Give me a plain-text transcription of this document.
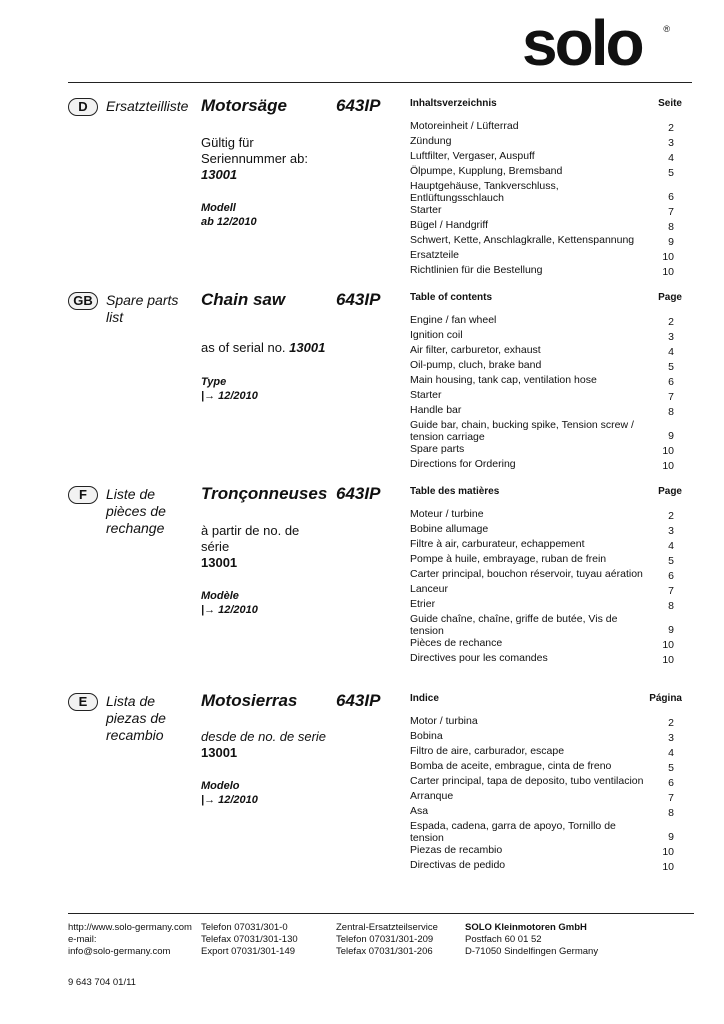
solo ®
D	Ersatzteilliste Motorsäge	643IP
Gültig für Seriennummer ab:
13001
Modell
ab 12/2010
Inhaltsverzeichnis	Seite
Motoreinheit / Lüfterrad	2
Zündung	3
Luftfilter, Vergaser, Auspuff	4
Ölpumpe, Kupplung, Bremsband	5
Hauptgehäuse, Tankverschluss, Entlüftungsschlauch	6
Starter	7
Bügel / Handgriff	8
Schwert, Kette, Anschlagkralle, Kettenspannung	9
Ersatzteile	10
Richtlinien für die Bestellung	10
GB Spare parts list
Chain saw	643IP
as of serial no. 13001
Type
|→ 12/2010
Table of contents	Page
Engine / fan wheel	2
Ignition coil	3
Air filter, carburetor, exhaust	4
Oil-pump, cluch, brake band	5
Main housing, tank cap, ventilation hose	6
Starter	7
Handle bar	8
Guide bar, chain, bucking spike, Tension screw / tension carriage	9
Spare parts	10
Directions for Ordering	10
F	Liste de pièces de rechange
Tronçonneuses 643IP
à partir de no. de série
13001
Modèle
|→ 12/2010
Table des matières	Page
Moteur / turbine	2
Bobine allumage	3
Filtre à air, carburateur, echappement	4
Pompe à huile, embrayage, ruban de frein	5
Carter principal, bouchon réservoir, tuyau aération 6
Lanceur	7
Etrier	8
Guide chaîne, chaîne, griffe de butée, Vis de tension	9
Pièces de rechance	10
Directives pour les comandes	10
E	Lista de piezas de recambio
Motosierras 643IP
desde de no. de serie
13001
Modelo
|→ 12/2010
Indice	Página
Motor / turbina	2
Bobina	3
Filtro de aire, carburador, escape	4
Bomba de aceite, embrague, cinta de freno	5
Carter principal, tapa de deposito, tubo ventilacion 6
Arranque	7
Asa	8
Espada, cadena, garra de apoyo, Tornillo de tension	9
Piezas de recambio	10
Directivas de pedido	10
http://www.solo-germany.com
e-mail:
info@solo-germany.com
Telefon 07031/301-0
Telefax 07031/301-130
Export 07031/301-149
Zentral-Ersatzteilservice
Telefon 07031/301-209
Telefax 07031/301-206
SOLO Kleinmotoren GmbH
Postfach 60 01 52
D-71050 Sindelfingen Germany
9 643 704 01/11
